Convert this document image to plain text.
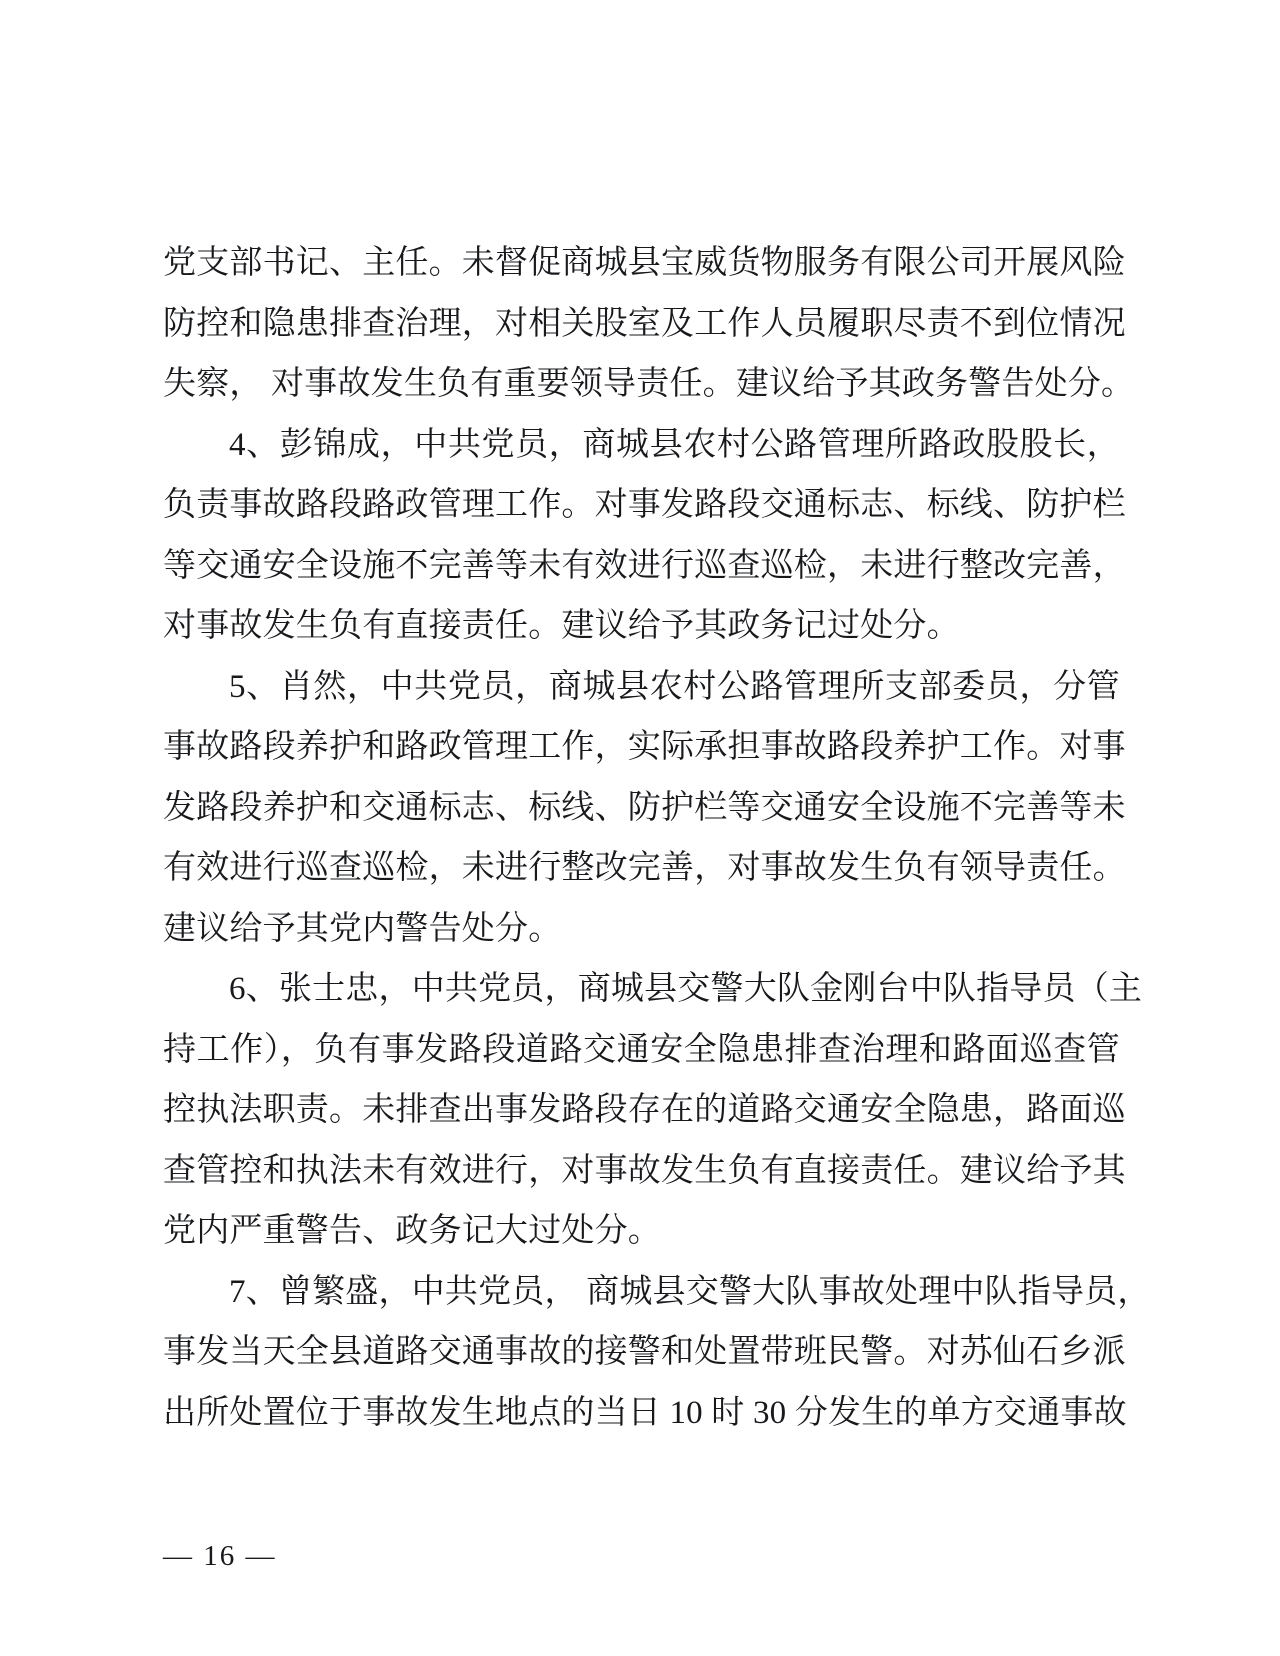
党支部书记、主任。未督促商城县宝威货物服务有限公司开展风险
防控和隐患排查治理，对相关股室及工作人员履职尽责不到位情况
失察， 对事故发生负有重要领导责任。建议给予其政务警告处分。
4、彭锦成，中共党员，商城县农村公路管理所路政股股长，
负责事故路段路政管理工作。对事发路段交通标志、标线、防护栏
等交通安全设施不完善等未有效进行巡查巡检，未进行整改完善，
对事故发生负有直接责任。建议给予其政务记过处分。
5、肖然，中共党员，商城县农村公路管理所支部委员，分管
事故路段养护和路政管理工作，实际承担事故路段养护工作。对事
发路段养护和交通标志、标线、防护栏等交通安全设施不完善等未
有效进行巡查巡检，未进行整改完善，对事故发生负有领导责任。
建议给予其党内警告处分。
6、张士忠，中共党员，商城县交警大队金刚台中队指导员（主
持工作），负有事发路段道路交通安全隐患排查治理和路面巡查管
控执法职责。未排查出事发路段存在的道路交通安全隐患，路面巡
查管控和执法未有效进行，对事故发生负有直接责任。建议给予其
党内严重警告、政务记大过处分。
7、曾繁盛，中共党员， 商城县交警大队事故处理中队指导员，
事发当天全县道路交通事故的接警和处置带班民警。对苏仙石乡派
出所处置位于事故发生地点的当日 10 时 30 分发生的单方交通事故
— 16 —
